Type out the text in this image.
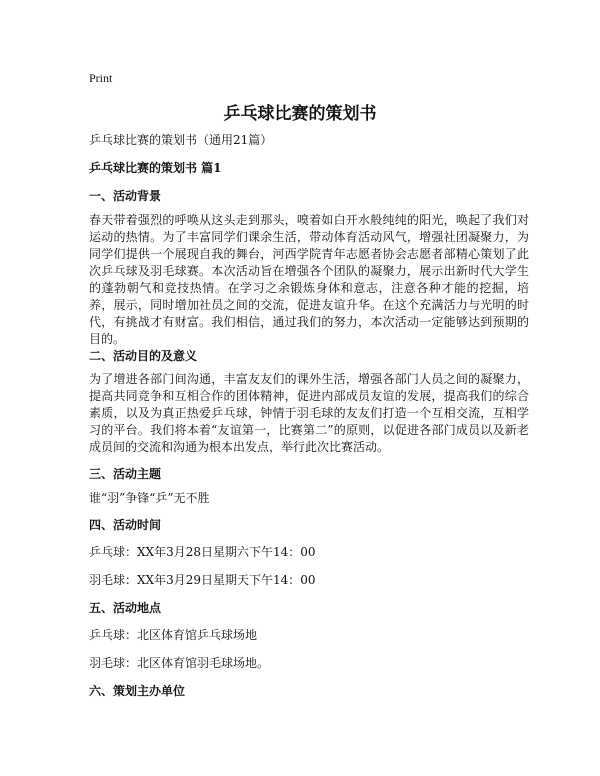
Print
乒乓球比赛的策划书
乒乓球比赛的策划书（通用21篇）
乒乓球比赛的策划书 篇1
一、活动背景
春天带着强烈的呼唤从这头走到那头，嗅着如白开水般纯纯的阳光，唤起了我们对运动的热情。为了丰富同学们课余生活，带动体育活动风气，增强社团凝聚力，为同学们提供一个展现自我的舞台，河西学院青年志愿者协会志愿者部精心策划了此次乒乓球及羽毛球赛。本次活动旨在增强各个团队的凝聚力，展示出新时代大学生的蓬勃朝气和竞技热情。在学习之余锻炼身体和意志，注意各种才能的挖掘，培养，展示，同时增加社员之间的交流，促进友谊升华。在这个充满活力与光明的时代，有挑战才有财富。我们相信，通过我们的努力，本次活动一定能够达到预期的目的。
二、活动目的及意义
为了增进各部门间沟通，丰富友友们的课外生活，增强各部门人员之间的凝聚力，提高共同竞争和互相合作的团体精神，促进内部成员友谊的发展，提高我们的综合素质，以及为真正热爱乒乓球，钟情于羽毛球的友友们打造一个互相交流，互相学习的平台。我们将本着“友谊第一，比赛第二”的原则，以促进各部门成员以及新老成员间的交流和沟通为根本出发点，举行此次比赛活动。
三、活动主题
谁“羽”争锋“乒”无不胜
四、活动时间
乒乓球：XX年3月28日星期六下午14：00
羽毛球：XX年3月29日星期天下午14：00
五、活动地点
乒乓球：北区体育馆乒乓球场地
羽毛球：北区体育馆羽毛球场地。
六、策划主办单位
